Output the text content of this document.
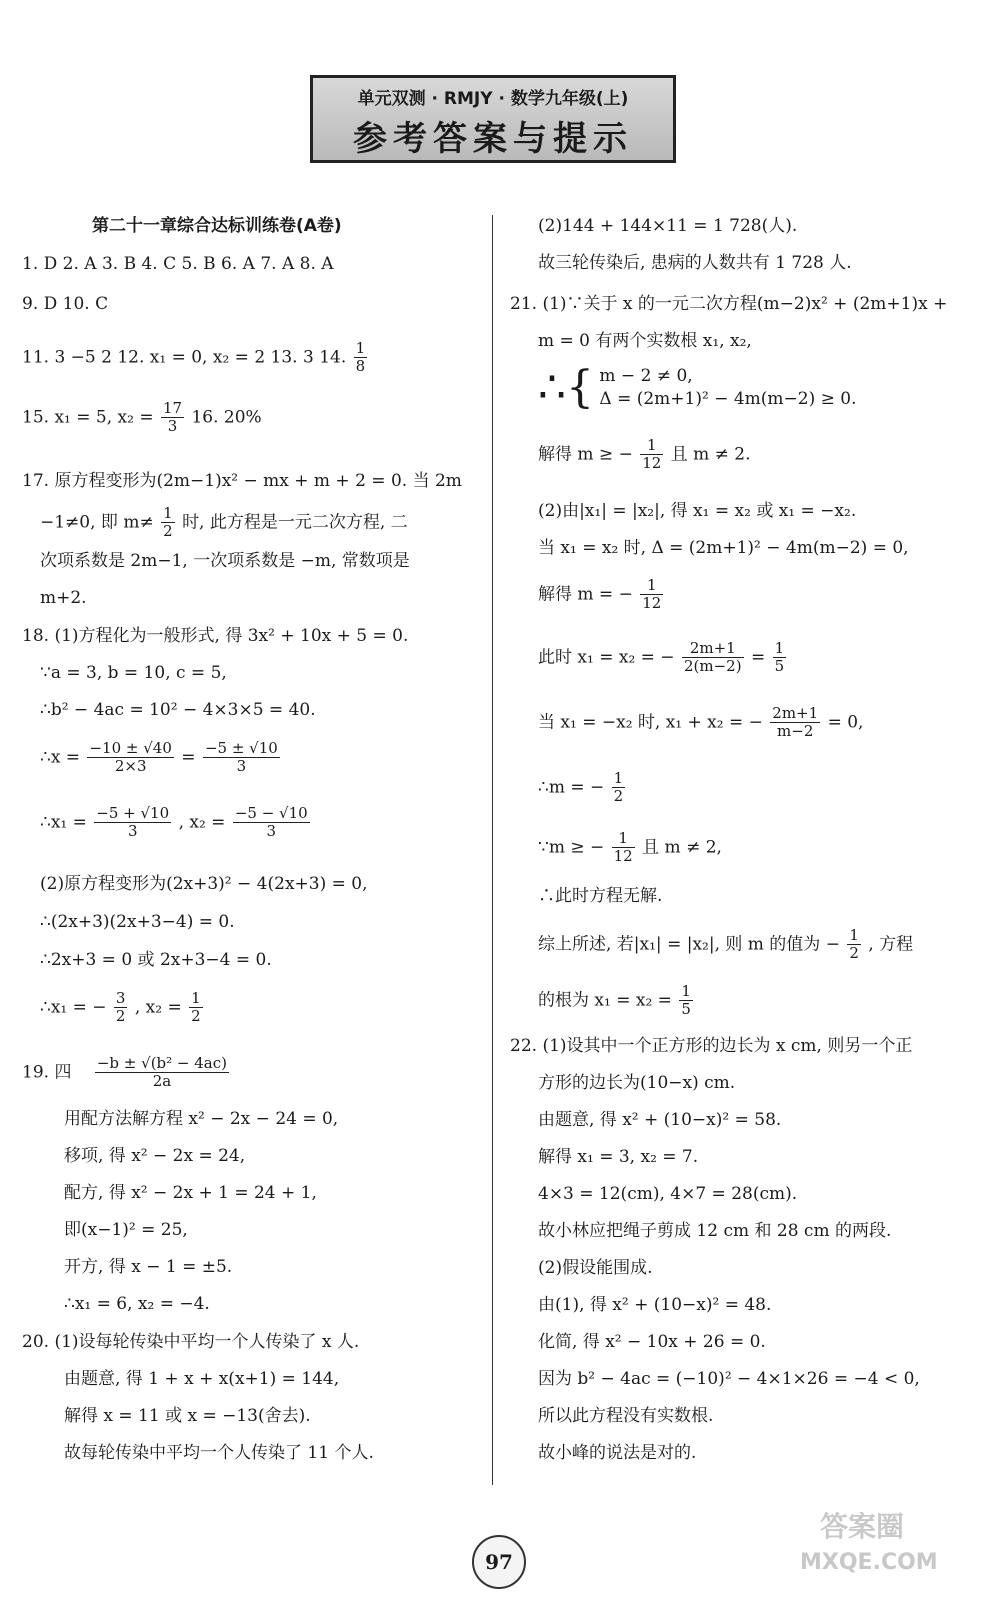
单元双测 · RMJY · 数学九年级(上)
参考答案与提示
第二十一章综合达标训练卷(A卷)
1. D 2. A 3. B 4. C 5. B 6. A 7. A 8. A
9. D 10. C
11. 3 −5 2 12. x₁ = 0, x₂ = 2 13. 3 14. $\frac{1}{8}$
15. x₁ = 5, $x_2 = \frac{17}{3} 16$. 20%
17. 原方程变形为(2m−1)x² − mx + m + 2 = 0. 当 2m
−1≠0, 即 $m\ne \frac{1}{2}$ 时, 此方程是一元二次方程, 二
次项系数是 2m−1, 一次项系数是 −m, 常数项是
m+2.
18. (1)方程化为一般形式, 得 3x² + 10x + 5 = 0.
∵a = 3, b = 10, c = 5,
∴b² − 4ac = 10² − 4×3×5 = 40.
∴x = $\frac{-10 \pm √40}{2\times 3} = \frac{-5 \pm √10}{3}$
∴x₁ = $\frac{-5 + √10}{3}$ , $x_2 = \frac{-5 - √10}{3}$
(2)原方程变形为(2x+3)² − 4(2x+3) = 0,
∴(2x+3)(2x+3−4) = 0.
∴2x+3 = 0 或 2x+3−4 = 0.
∴x₁ = − $\frac{3}{2}$ , $x_2 = \frac{1}{2}$
19. 四 $\frac{\text{−b ± √(b² − 4ac)}}{2a}$
用配方法解方程 x² − 2x − 24 = 0,
移项, 得 x² − 2x = 24,
配方, 得 x² − 2x + 1 = 24 + 1,
即(x−1)² = 25,
开方, 得 x − 1 = ±5.
∴x₁ = 6, x₂ = −4.
20. (1)设每轮传染中平均一个人传染了 x 人.
由题意, 得 1 + x + x(x+1) = 144,
解得 x = 11 或 x = −13(舍去).
故每轮传染中平均一个人传染了 11 个人.
(2)144 + 144×11 = 1 728(人).
故三轮传染后, 患病的人数共有 1 728 人.
21. (1)∵关于 x 的一元二次方程(m−2)x² + (2m+1)x +
m = 0 有两个实数根 x₁, x₂,
∴{ m − 2 ≠ 0,
Δ = (2m+1)² − 4m(m−2) ≥ 0.
解得 m ≥ − $\frac{1}{12}$ 且 m ≠ 2.
(2)由|x₁| = |x₂|, 得 x₁ = x₂ 或 x₁ = −x₂.
当 x₁ = x₂ 时, Δ = (2m+1)² − 4m(m−2) = 0,
解得 m = − $\frac{1}{12}$
此时 x₁ = x₂ = − $\frac{2m+1}{2(m-2)} = \frac{1}{5}$
当 x₁ = −x₂ 时, x₁ + x₂ = − $\frac{2m+1}{m-2} = 0$,
∴m = − $\frac{1}{2}$
∵m ≥ − $\frac{1}{12}$ 且 m ≠ 2,
∴此时方程无解.
综上所述, 若|x₁| = |x₂|, 则 m 的值为 − $\frac{1}{2}$ , 方程
的根为 $x_1 = x_2 = \frac{1}{5}$
22. (1)设其中一个正方形的边长为 x cm, 则另一个正
方形的边长为(10−x) cm.
由题意, 得 x² + (10−x)² = 58.
解得 x₁ = 3, x₂ = 7.
4×3 = 12(cm), 4×7 = 28(cm).
故小林应把绳子剪成 12 cm 和 28 cm 的两段.
(2)假设能围成.
由(1), 得 x² + (10−x)² = 48.
化简, 得 x² − 10x + 26 = 0.
因为 b² − 4ac = (−10)² − 4×1×26 = −4 < 0,
所以此方程没有实数根.
故小峰的说法是对的.
97
答案圈
MXQE.COM
